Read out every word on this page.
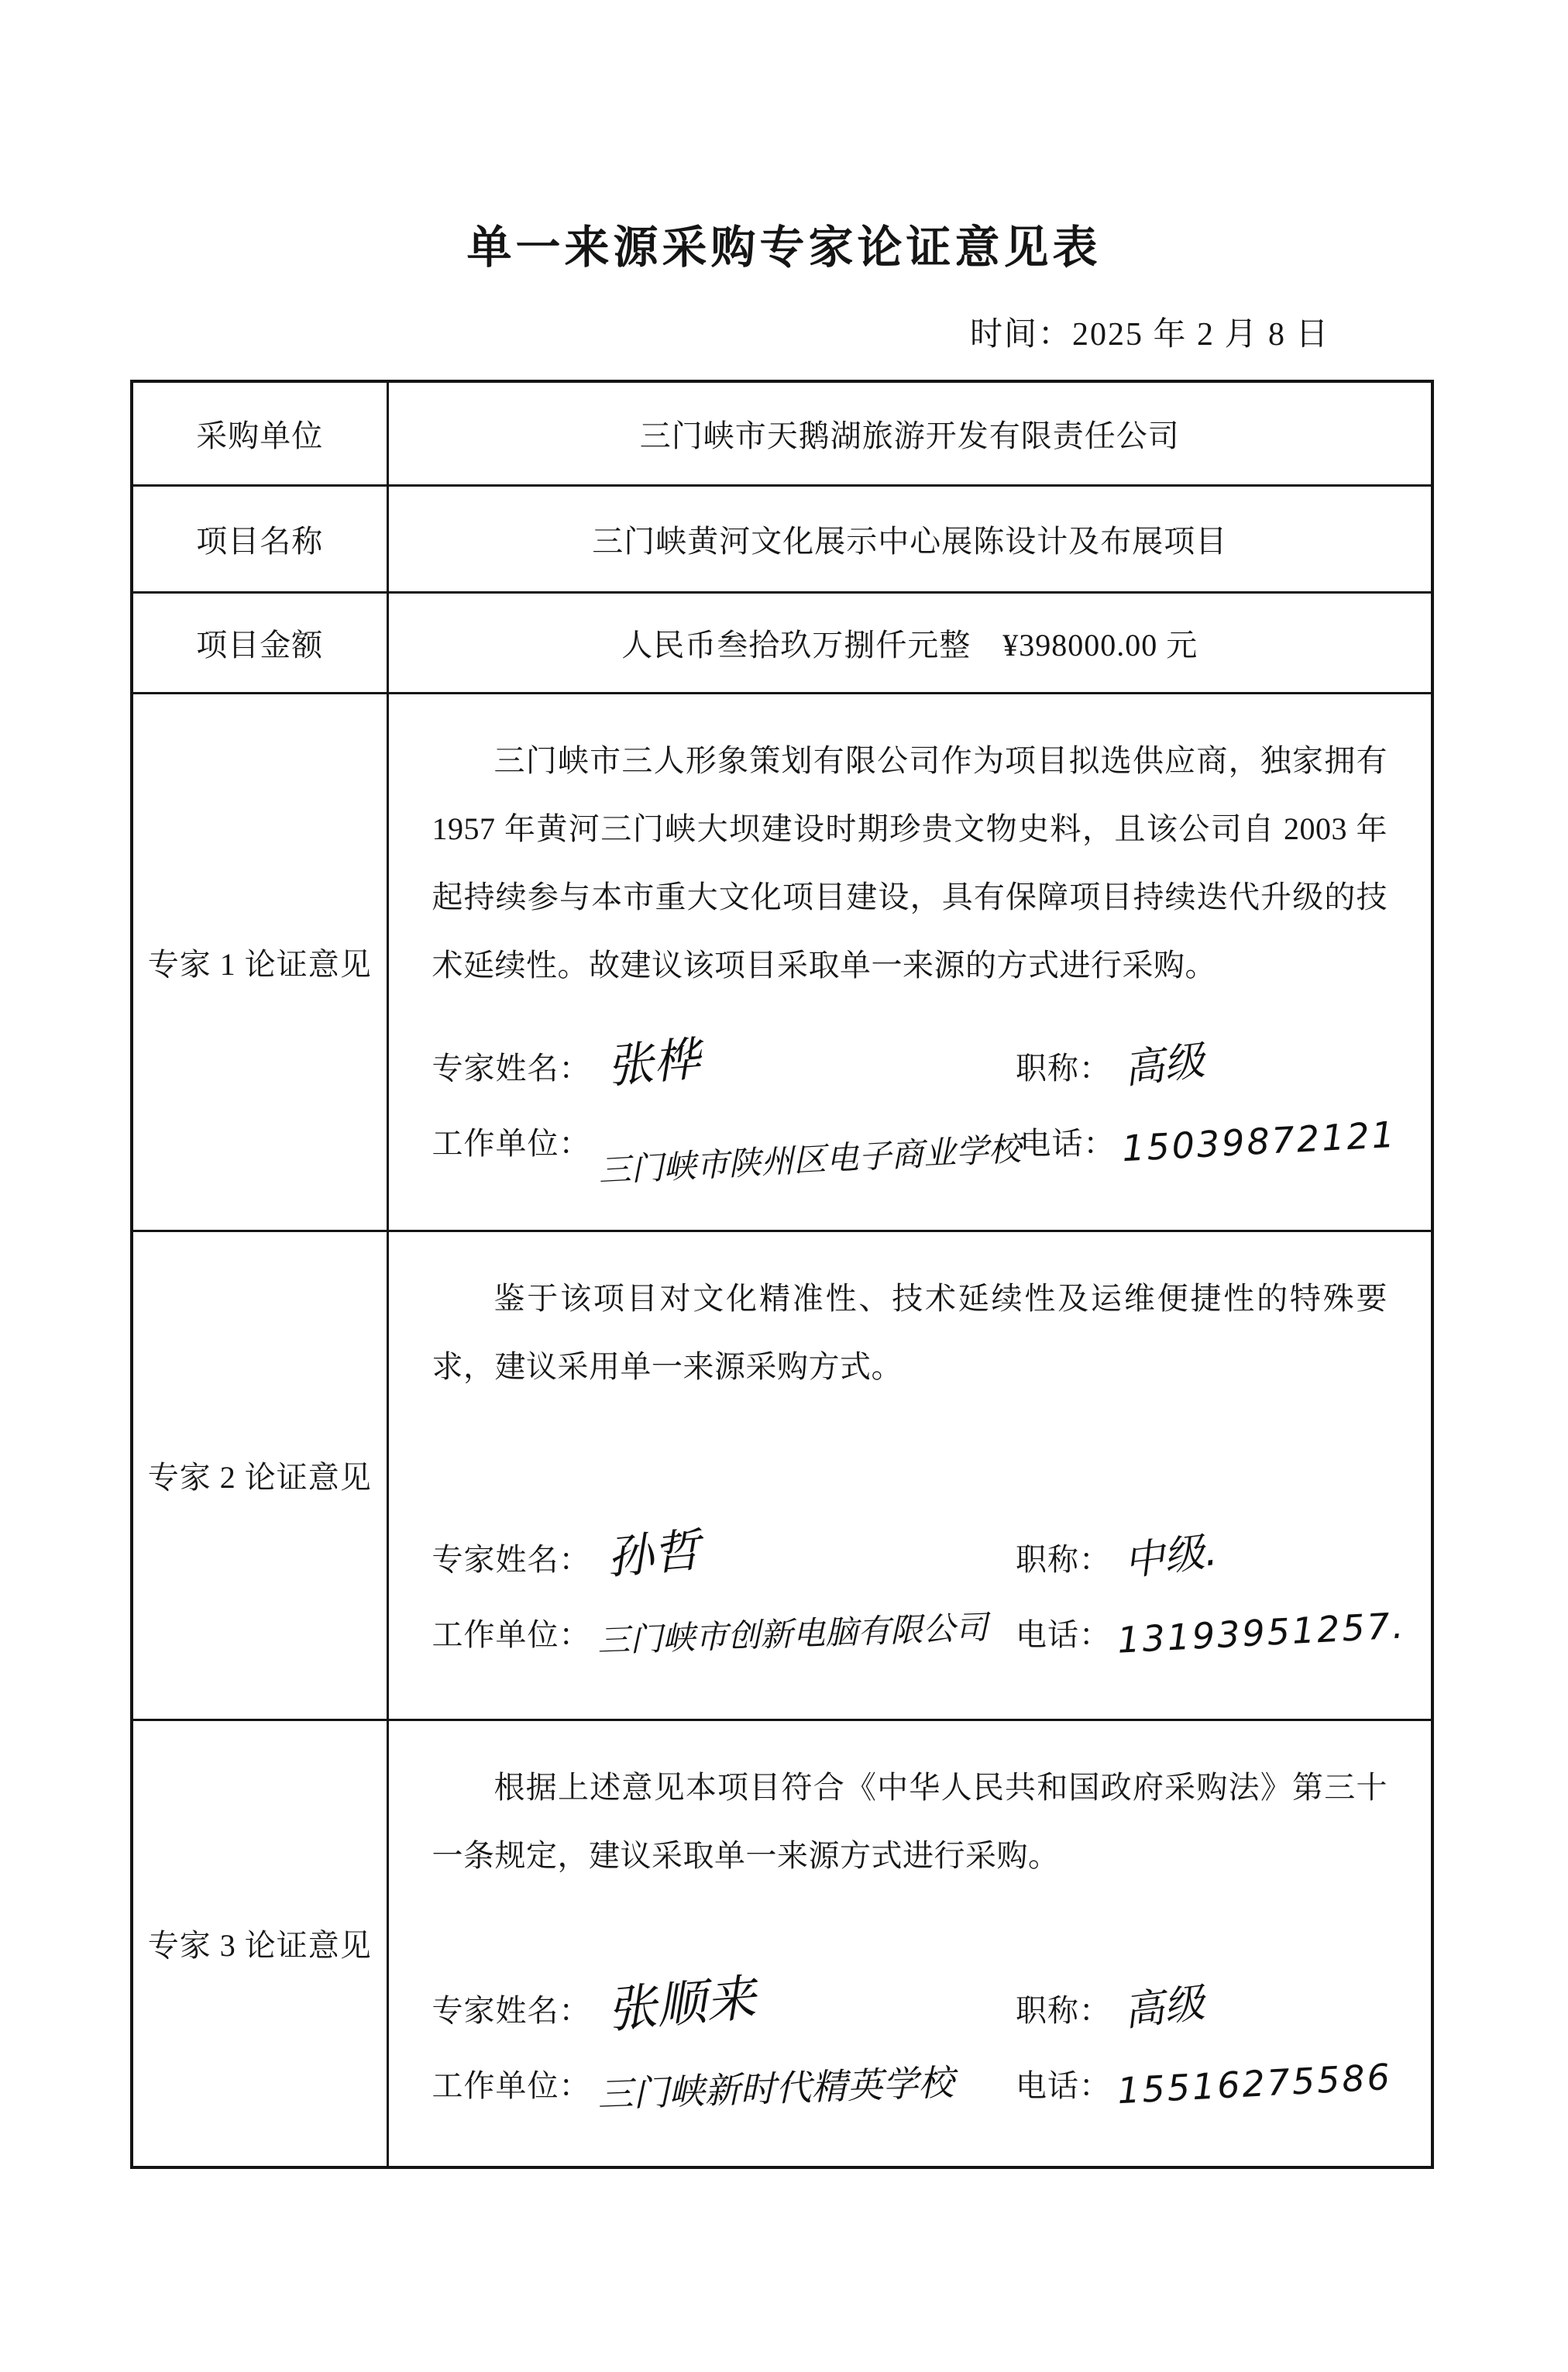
单一来源采购专家论证意见表
时间：2025 年 2 月 8 日
采购单位	三门峡市天鹅湖旅游开发有限责任公司
项目名称	三门峡黄河文化展示中心展陈设计及布展项目
项目金额	人民币叁拾玖万捌仟元整　¥398000.00 元
专家 1 论证意见	三门峡市三人形象策划有限公司作为项目拟选供应商，独家拥有 1957 年黄河三门峡大坝建设时期珍贵文物史料，且该公司自 2003 年起持续参与本市重大文化项目建设，具有保障项目持续迭代升级的技术延续性。故建议该项目采取单一来源的方式进行采购。

专家姓名： 张桦 职称： 高级
工作单位： 三门峡市陕州区电子商业学校
电话： 15039872121

专家 2 论证意见	鉴于该项目对文化精准性、技术延续性及运维便捷性的特殊要求，建议采用单一来源采购方式。

专家姓名： 孙哲 职称： 中级.
工作单位： 三门峡市创新电脑有限公司 电话： 13193951257.

专家 3 论证意见	根据上述意见本项目符合《中华人民共和国政府采购法》第三十一条规定，建议采取单一来源方式进行采购。

专家姓名： 张顺来 职称： 高级
工作单位： 三门峡新时代精英学校 电话： 15516275586
